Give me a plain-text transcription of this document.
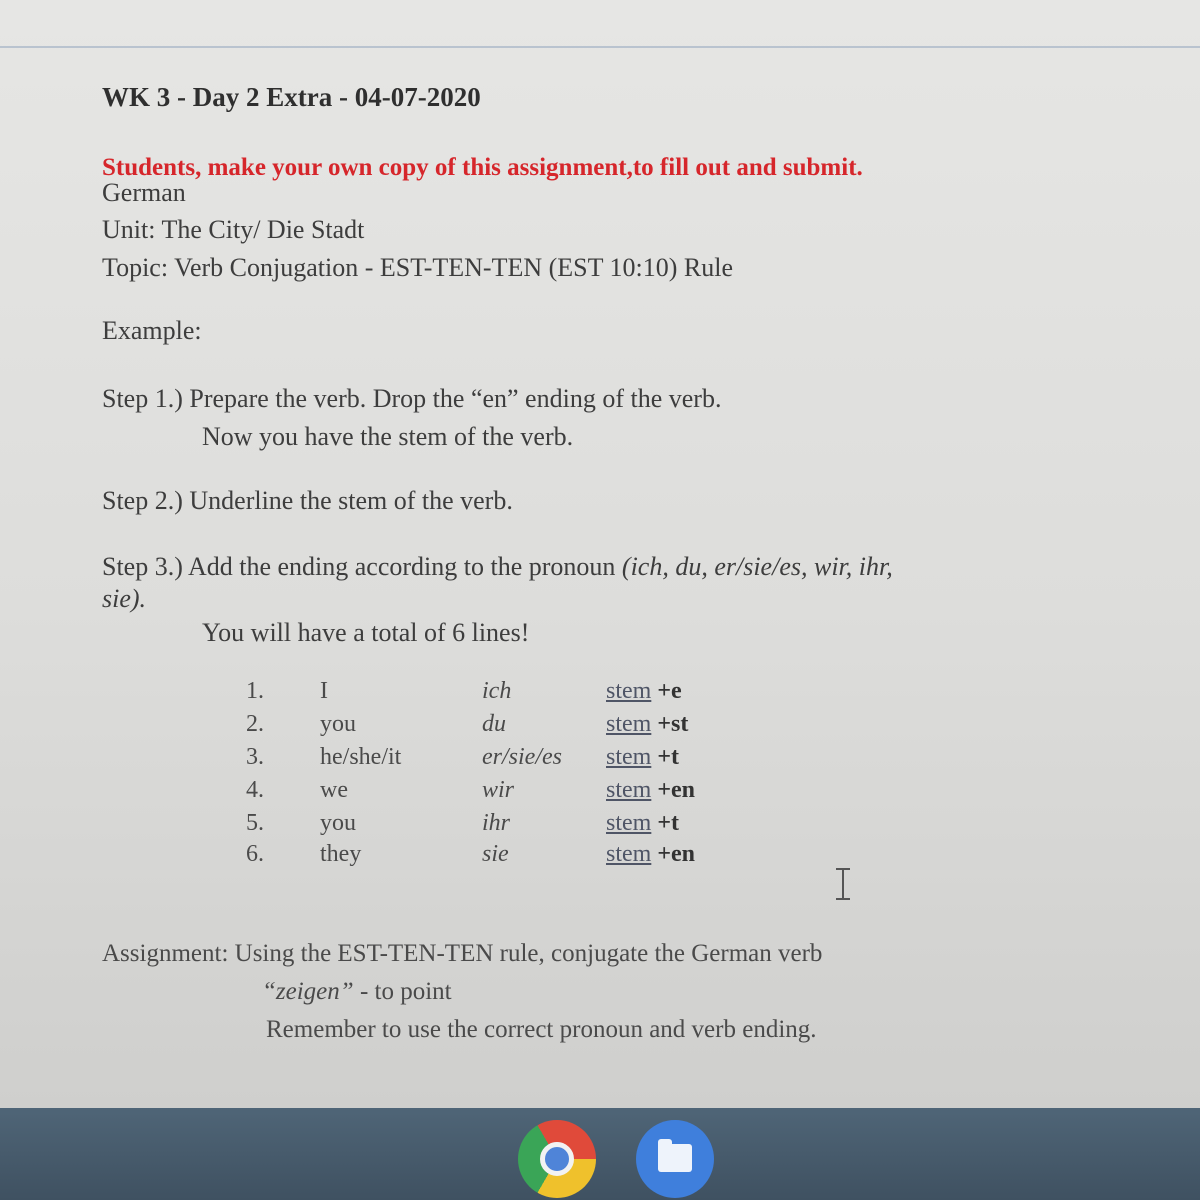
WK 3 - Day 2 Extra - 04-07-2020
Students, make your own copy of this assignment,to fill out and submit.
German
Unit: The City/ Die Stadt
Topic: Verb Conjugation - EST-TEN-TEN (EST 10:10) Rule
Example:
Step 1.) Prepare the verb. Drop the “en” ending of the verb.
Now you have the stem of the verb.
Step 2.) Underline the stem of the verb.
Step 3.) Add the ending according to the pronoun (ich, du, er/sie/es, wir, ihr,
sie).
You will have a total of 6 lines!
1. I	ich	stem +e
2. you	du	stem +st
3. he/she/it	er/sie/es stem +t
4. we	wir	stem +en
5. you	ihr	stem +t
6. they	sie	stem +en
Assignment: Using the EST-TEN-TEN rule, conjugate the German verb
“zeigen” - to point
Remember to use the correct pronoun and verb ending.
